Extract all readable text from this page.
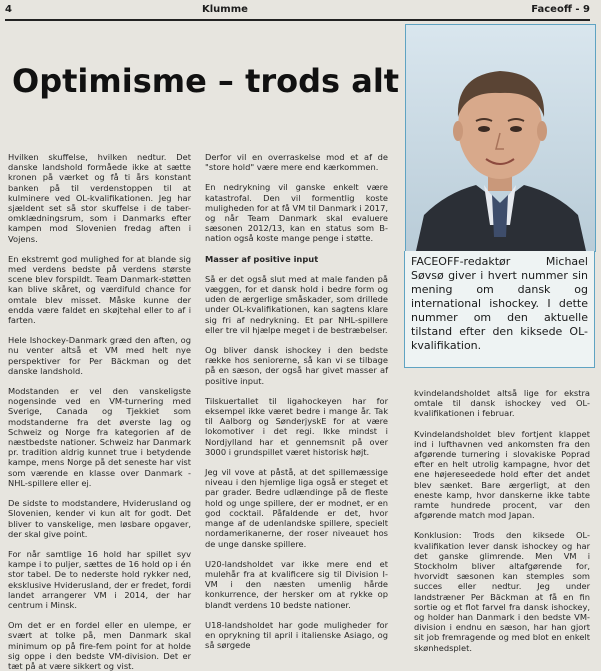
4	Klumme	Faceoff - 9
Optimisme – trods alt

Hvilken skuffelse, hvilken nedtur. Det danske landshold formåede ikke at sætte kronen på værket og få ti års konstant banken på til verdenstoppen til at kulminere ved OL-kvalifikationen. Jeg har sjældent set så stor skuffelse i de taber-omklædningsrum, som i Danmarks efter kampen mod Slovenien fredag aften i Vojens.

En ekstremt god mulighed for at blande sig med verdens bedste på verdens største scene blev forspildt. Team Danmark-støtten kan blive skåret, og værdifuld chance for omtale blev misset. Måske kunne der endda være faldet en skøjtehal eller to af i farten.

Hele Ishockey-Danmark græd den aften, og nu venter altså et VM med helt nye perspektiver for Per Bäckman og det danske landshold.

Modstanden er vel den vanskeligste nogensinde ved en VM-turnering med Sverige, Canada og Tjekkiet som modstanderne fra det øverste lag og Schweiz og Norge fra kategorien af de næstbedste nationer. Schweiz har Danmark pr. tradition aldrig kunnet true i betydende kampe, mens Norge på det seneste har vist som værende en klasse over Danmark - NHL-spillere eller ej.

De sidste to modstandere, Hviderusland og Slovenien, kender vi kun alt for godt. Det bliver to vanskelige, men løsbare opgaver, der skal give point.

For når samtlige 16 hold har spillet syv kampe i to puljer, sættes de 16 hold op i én stor tabel. De to nederste hold rykker ned, eksklusive Hviderusland, der er fredet, fordi landet arrangerer VM i 2014, der har centrum i Minsk.

Om det er en fordel eller en ulempe, er svært at tolke på, men Danmark skal minimum op på fire-fem point for at holde sig oppe i den bedste VM-division. Det er tæt på at være sikkert og vist.

Derfor vil en overraskelse mod et af de "store hold" være mere end kærkommen.

En nedrykning vil ganske enkelt være katastrofal. Den vil formentlig koste muligheden for at få VM til Danmark i 2017, og når Team Danmark skal evaluere sæsonen 2012/13, kan en status som B-nation også koste mange penge i støtte.

Masser af positive input

Så er det også slut med at male fanden på væggen, for et dansk hold i bedre form og uden de ærgerlige småskader, som drillede under OL-kvalifikationen, kan sagtens klare sig fri af nedrykning. Et par NHL-spillere eller tre vil hjælpe meget i de bestræbelser.

Og bliver dansk ishockey i den bedste række hos seniorerne, så kan vi se tilbage på en sæson, der også har givet masser af positive input.

Tilskuertallet til ligahockeyen har for eksempel ikke været bedre i mange år. Tak til Aalborg og SønderjyskE for at være lokomotiver i det regi. Ikke mindst i Nordjylland har et gennemsnit på over 3000 i grundspillet været historisk højt.

Jeg vil vove at påstå, at det spillemæssige niveau i den hjemlige liga også er steget et par grader. Bedre udlændinge på de fleste hold og unge spillere, der er modnet, er en god cocktail. Påfaldende er det, hvor mange af de udenlandske spillere, specielt nordamerikanerne, der roser niveauet hos de unge danske spillere.

U20-landsholdet var ikke mere end et mulehår fra at kvalificere sig til Division I-VM i den næsten umenlig hårde konkurrence, der hersker om at rykke op blandt verdens 10 bedste nationer.

U18-landsholdet har gode muligheder for en oprykning til april i italienske Asiago, og så sørgede

FACEOFF-redaktør Michael Søvsø giver i hvert nummer sin mening om dansk og international ishockey. I dette nummer om den aktuelle tilstand efter den kiksede OL-kvalifikation.

kvindelandsholdet altså lige for ekstra omtale til dansk ishockey ved OL-kvalifikationen i februar.

Kvindelandsholdet blev fortjent klappet ind i lufthavnen ved ankomsten fra den afgørende turnering i slovakiske Poprad efter en helt utrolig kampagne, hvor det ene højereseedede hold efter det andet blev sænket. Bare ærgerligt, at den eneste kamp, hvor danskerne ikke tabte ramte hundrede procent, var den afgørende match mod Japan.

Konklusion: Trods den kiksede OL-kvalifikation lever dansk ishockey og har det ganske glimrende. Men VM i Stockholm bliver altafgørende for, hvorvidt sæsonen kan stemples som succes eller nedtur. Jeg under landstræner Per Bäckman at få en fin sortie og et flot farvel fra dansk ishockey, og holder han Danmark i den bedste VM-division i endnu en sæson, har han gjort sit job fremragende og med blot en enkelt skønhedsplet.
